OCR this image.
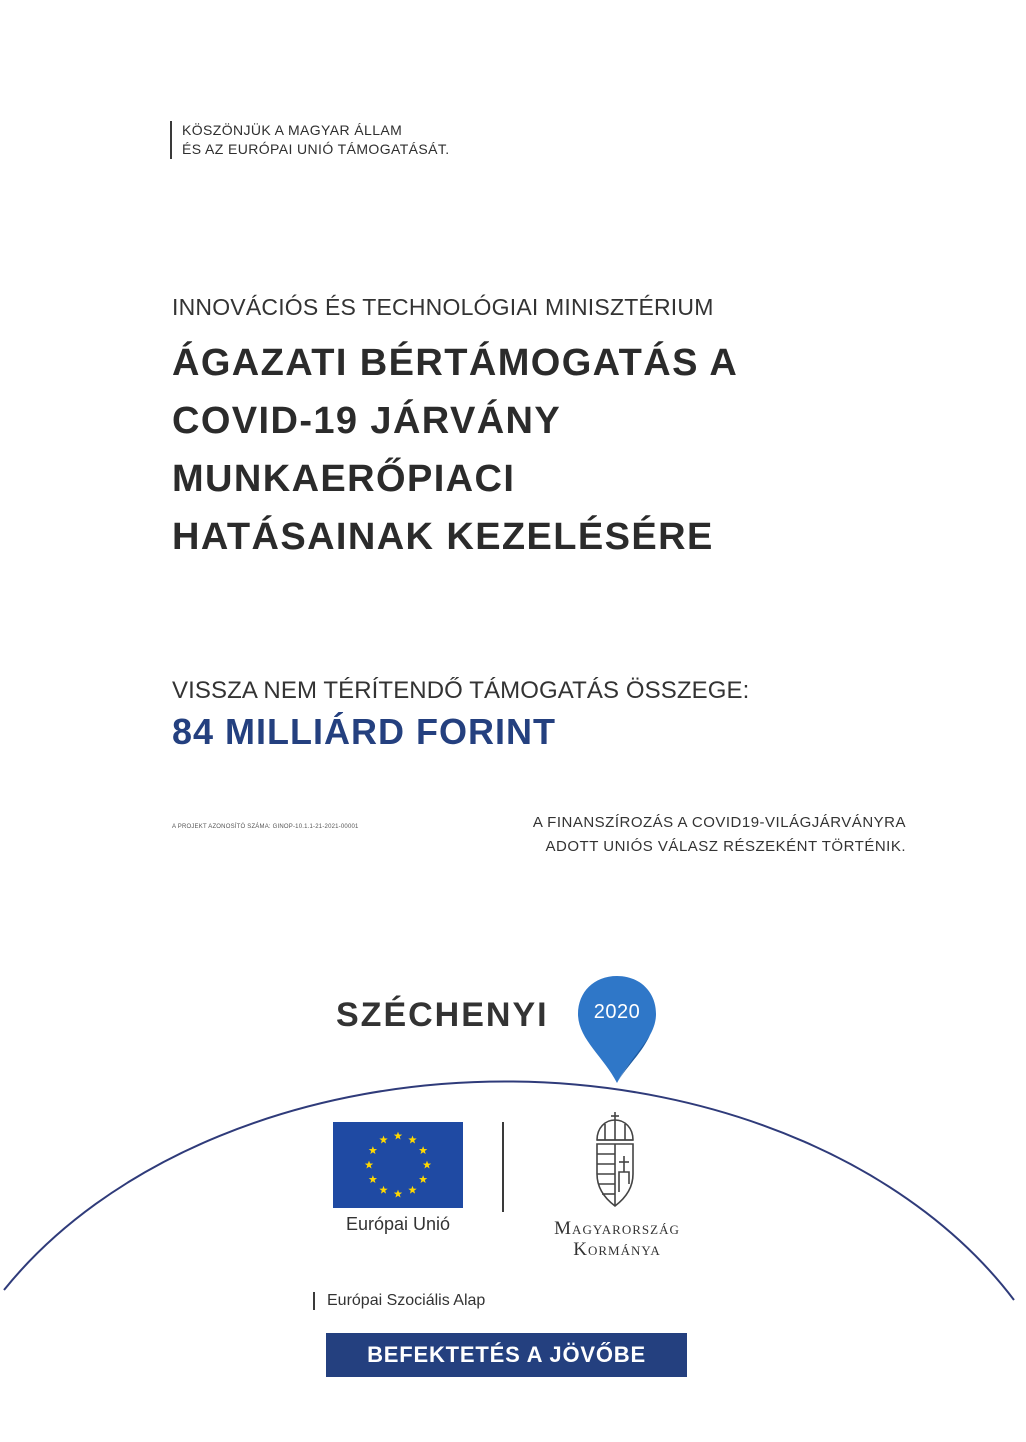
KÖSZÖNJÜK A MAGYAR ÁLLAM
ÉS AZ EURÓPAI UNIÓ TÁMOGATÁSÁT.
INNOVÁCIÓS ÉS TECHNOLÓGIAI MINISZTÉRIUM
ÁGAZATI BÉRTÁMOGATÁS A
COVID-19 JÁRVÁNY
MUNKAERŐPIACI
HATÁSAINAK KEZELÉSÉRE
VISSZA NEM TÉRÍTENDŐ TÁMOGATÁS ÖSSZEGE:
84 MILLIÁRD FORINT
A PROJEKT AZONOSÍTÓ SZÁMA: GINOP-10.1.1-21-2021-00001	A FINANSZÍROZÁS A COVID19-VILÁGJÁRVÁNYRA
ADOTT UNIÓS VÁLASZ RÉSZEKÉNT TÖRTÉNIK.
SZÉCHENYI	2020
Európai Unió	Magyarország
Kormánya
Európai Szociális Alap
BEFEKTETÉS A JÖVŐBE
